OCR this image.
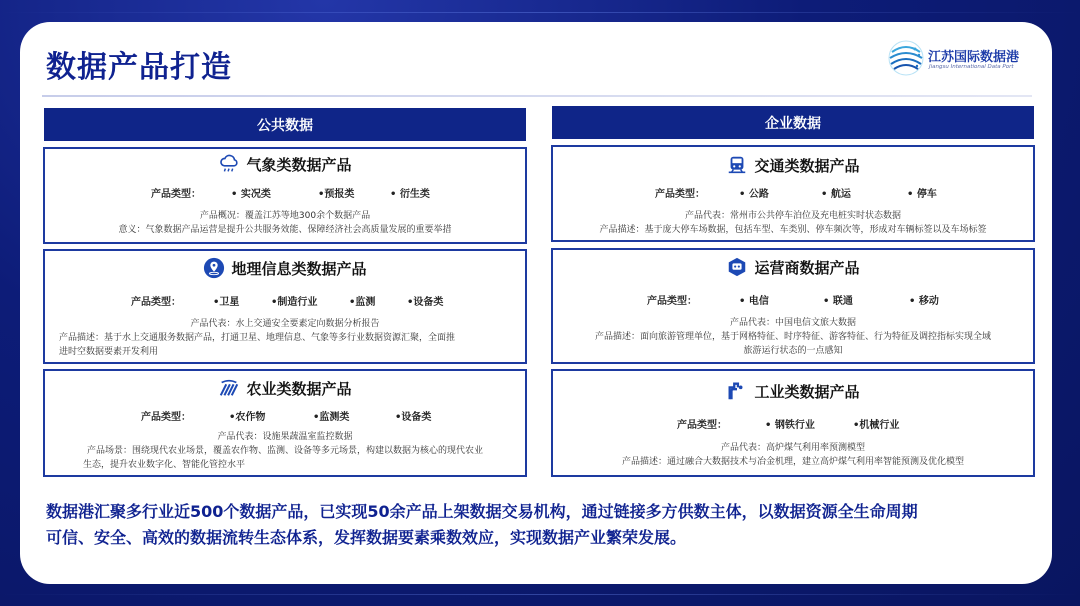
数据产品打造	江苏国际数据港
Jiangsu International Data Port
公共数据	企业数据
气象类数据产品
产品类型：	• 实况类	•预报类	• 衍生类

产品概况：覆盖江苏等地300余个数据产品

意义：气象数据产品运营是提升公共服务效能、保障经济社会高质量发展的重要举措

地理信息类数据产品
产品类型：	•卫星	•制造行业	•监测	•设备类

产品代表：水上交通安全要素定向数据分析报告

产品描述：基于水上交通服务数据产品，打通卫星、地理信息、气象等多行业数据资源汇聚，全面推

进时空数据要素开发利用

农业类数据产品
产品类型：	•农作物	•监测类	•设备类

产品代表：设施果蔬温室监控数据

产品场景：围绕现代农业场景，覆盖农作物、监测、设备等多元场景，构建以数据为核心的现代农业

生态，提升农业数字化、智能化管控水平

交通类数据产品
产品类型：	• 公路	• 航运	• 停车

产品代表：常州市公共停车泊位及充电桩实时状态数据

产品描述：基于庞大停车场数据，包括车型、车类别、停车频次等，形成对车辆标签以及车场标签

运营商数据产品
产品类型：	• 电信	• 联通	• 移动

产品代表：中国电信文旅大数据

产品描述：面向旅游管理单位，基于网格特征、时序特征、游客特征、行为特征及调控指标实现全域

旅游运行状态的一点感知

工业类数据产品
产品类型：	• 钢铁行业	•机械行业

产品代表：高炉煤气利用率预测模型

产品描述：通过融合大数据技术与冶金机理，建立高炉煤气利用率智能预测及优化模型

数据港汇聚多行业近500个数据产品，已实现50余产品上架数据交易机构，通过链接多方供数主体，以数据资源全生命周期
可信、安全、高效的数据流转生态体系，发挥数据要素乘数效应，实现数据产业繁荣发展。
